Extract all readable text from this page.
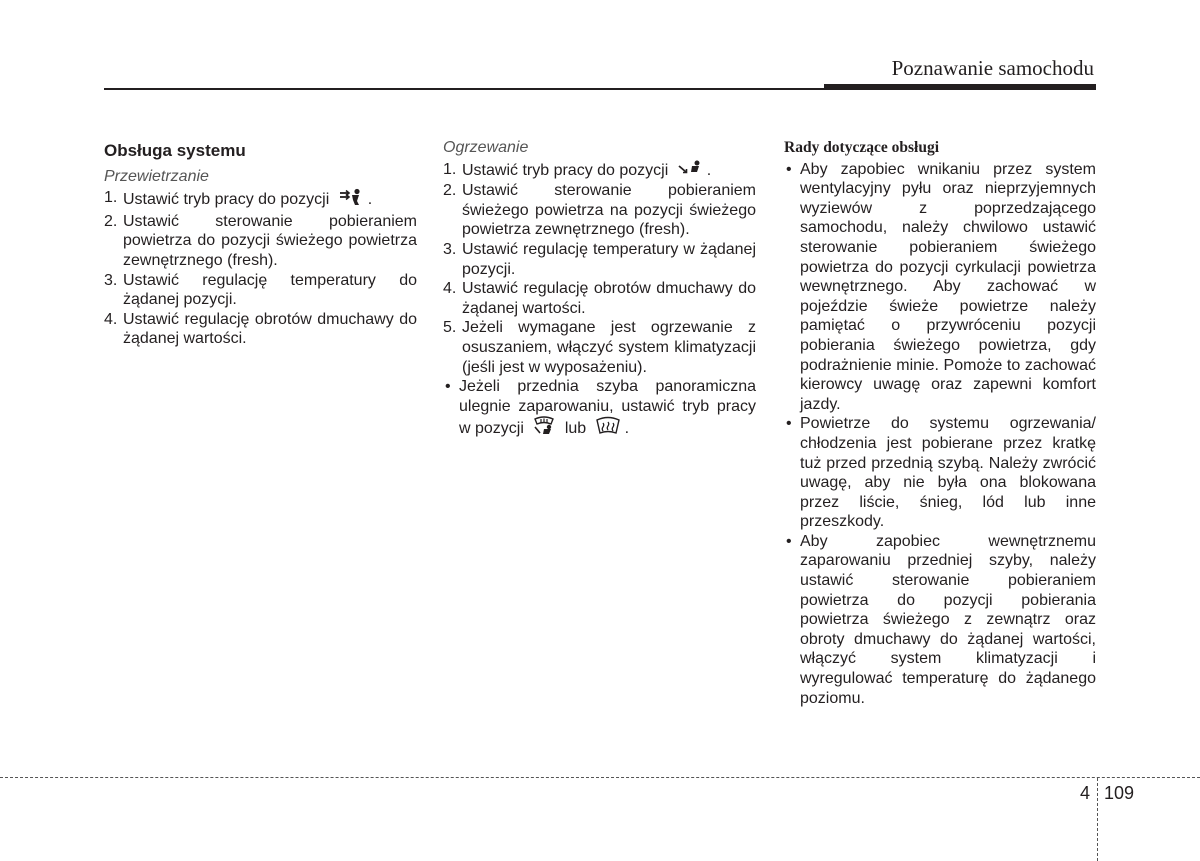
Poznawanie samochodu
Obsługa systemu
Przewietrzanie
1. Ustawić tryb pracy do pozycji .
2. Ustawić sterowanie pobieraniem powietrza do pozycji świeżego powietrza zewnętrznego (fresh).
3. Ustawić regulację temperatury do żądanej pozycji.
4. Ustawić regulację obrotów dmuchawy do żądanej wartości.
Ogrzewanie
1. Ustawić tryb pracy do pozycji .
2. Ustawić sterowanie pobieraniem świeżego powietrza na pozycji świeżego powietrza zewnętrznego (fresh).
3. Ustawić regulację temperatury w żądanej pozycji.
4. Ustawić regulację obrotów dmuchawy do żądanej wartości.
5. Jeżeli wymagane jest ogrzewanie z osuszaniem, włączyć system klimatyzacji (jeśli jest w wyposażeniu).
• Jeżeli przednia szyba panoramiczna ulegnie zaparowaniu, ustawić tryb pracy w pozycji	lub .
Rady dotyczące obsługi
• Aby zapobiec wnikaniu przez system wentylacyjny pyłu oraz nieprzyjemnych wyziewów z poprzedzającego samochodu, należy chwilowo ustawić sterowanie pobieraniem świeżego powietrza do pozycji cyrkulacji powietrza wewnętrznego. Aby zachować w pojeździe świeże powietrze należy pamiętać o przywróceniu pozycji pobierania świeżego powietrza, gdy podrażnienie minie. Pomoże to zachować kierowcy uwagę oraz zapewni komfort jazdy.
• Powietrze do systemu ogrzewania/ chłodzenia jest pobierane przez kratkę tuż przed przednią szybą. Należy zwrócić uwagę, aby nie była ona blokowana przez liście, śnieg, lód lub inne przeszkody.
• Aby zapobiec wewnętrznemu zaparowaniu przedniej szyby, należy ustawić sterowanie pobieraniem powietrza do pozycji pobierania powietrza świeżego z zewnątrz oraz obroty dmuchawy do żądanej wartości, włączyć system klimatyzacji i wyregulować temperaturę do żądanego poziomu.
4 109
